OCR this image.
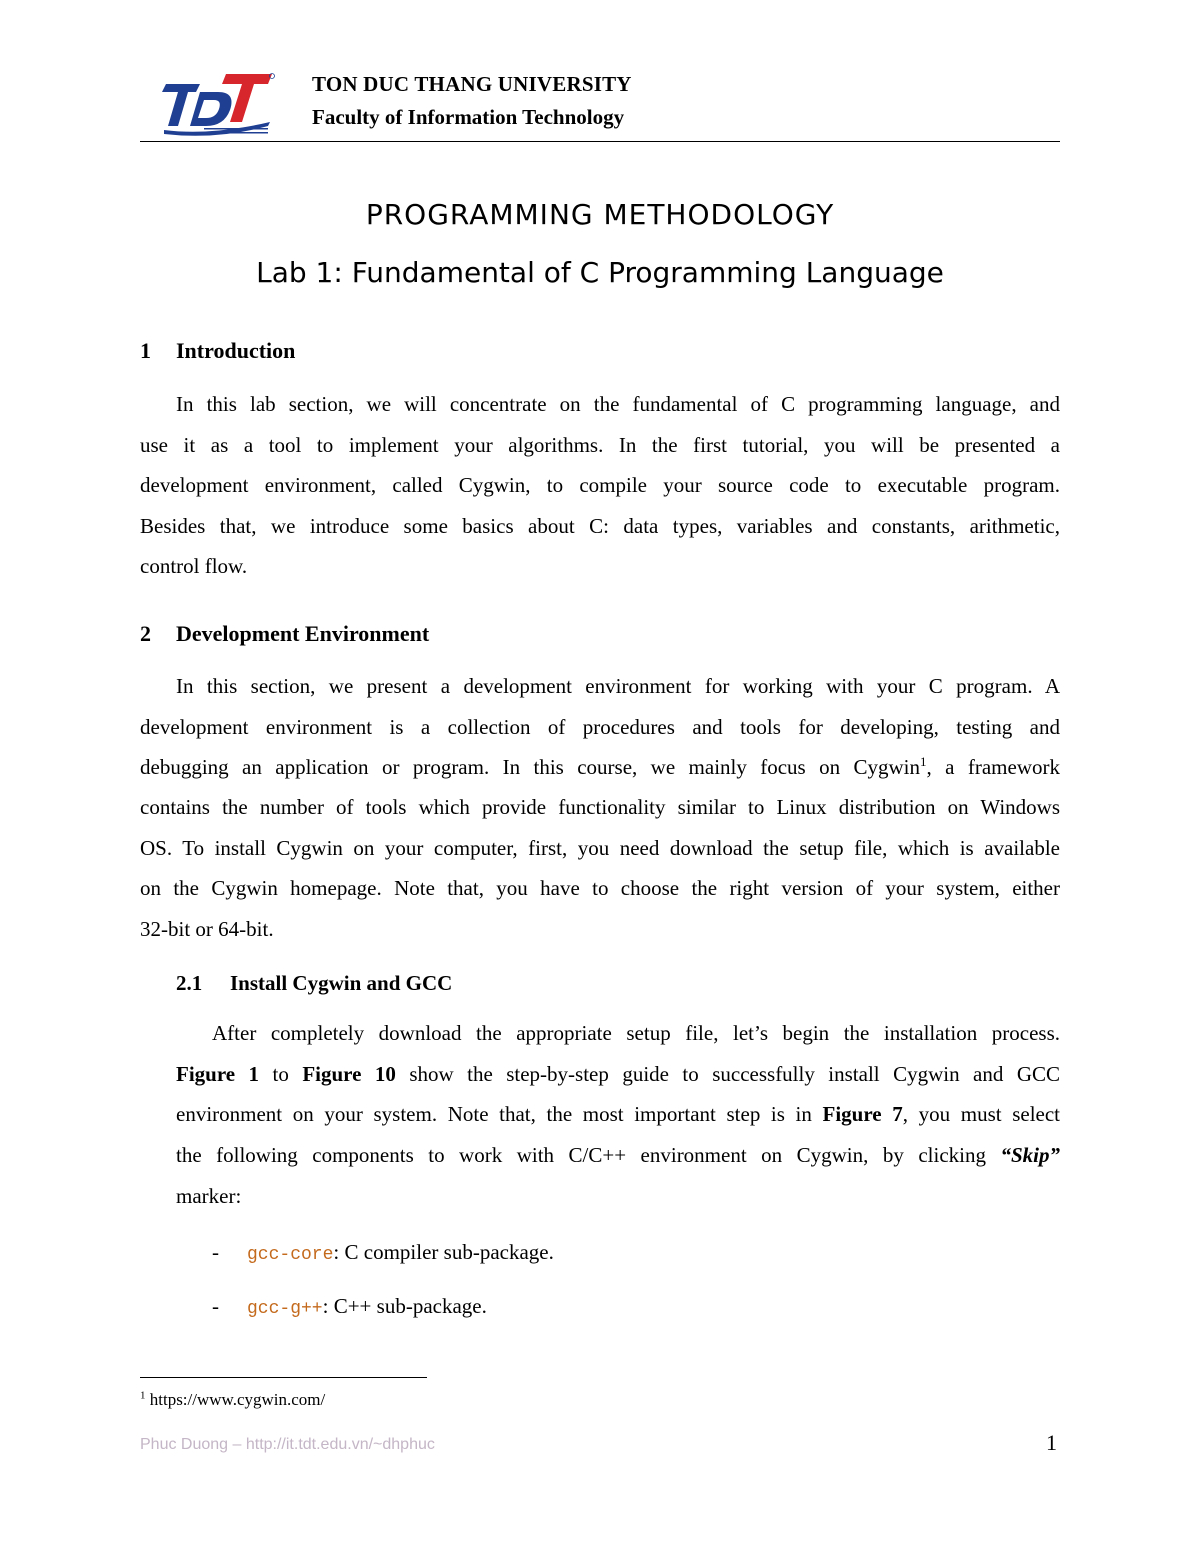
TON DUC THANG UNIVERSITY
Faculty of Information Technology
PROGRAMMING METHODOLOGY
Lab 1: Fundamental of C Programming Language
1 Introduction
In this lab section, we will concentrate on the fundamental of C programming language, and
use it as a tool to implement your algorithms. In the first tutorial, you will be presented a
development environment, called Cygwin, to compile your source code to executable program.
Besides that, we introduce some basics about C: data types, variables and constants, arithmetic,
control flow.
2 Development Environment
In this section, we present a development environment for working with your C program. A
development environment is a collection of procedures and tools for developing, testing and
debugging an application or program. In this course, we mainly focus on Cygwin$^1$, a framework
contains the number of tools which provide functionality similar to Linux distribution on Windows
OS. To install Cygwin on your computer, first, you need download the setup file, which is available
on the Cygwin homepage. Note that, you have to choose the right version of your system, either
32-bit or 64-bit.
2.1 Install Cygwin and GCC
After completely download the appropriate setup file, let’s begin the installation process.
Figure 1 to Figure 10 show the step-by-step guide to successfully install Cygwin and GCC
environment on your system. Note that, the most important step is in Figure 7, you must select
the following components to work with C/C++ environment on Cygwin, by clicking “Skip”
marker:
- gcc-core: C compiler sub-package.
- gcc-g++: C++ sub-package.
$^1$ https://www.cygwin.com/
Phuc Duong – http://it.tdt.edu.vn/~dhphuc	1
